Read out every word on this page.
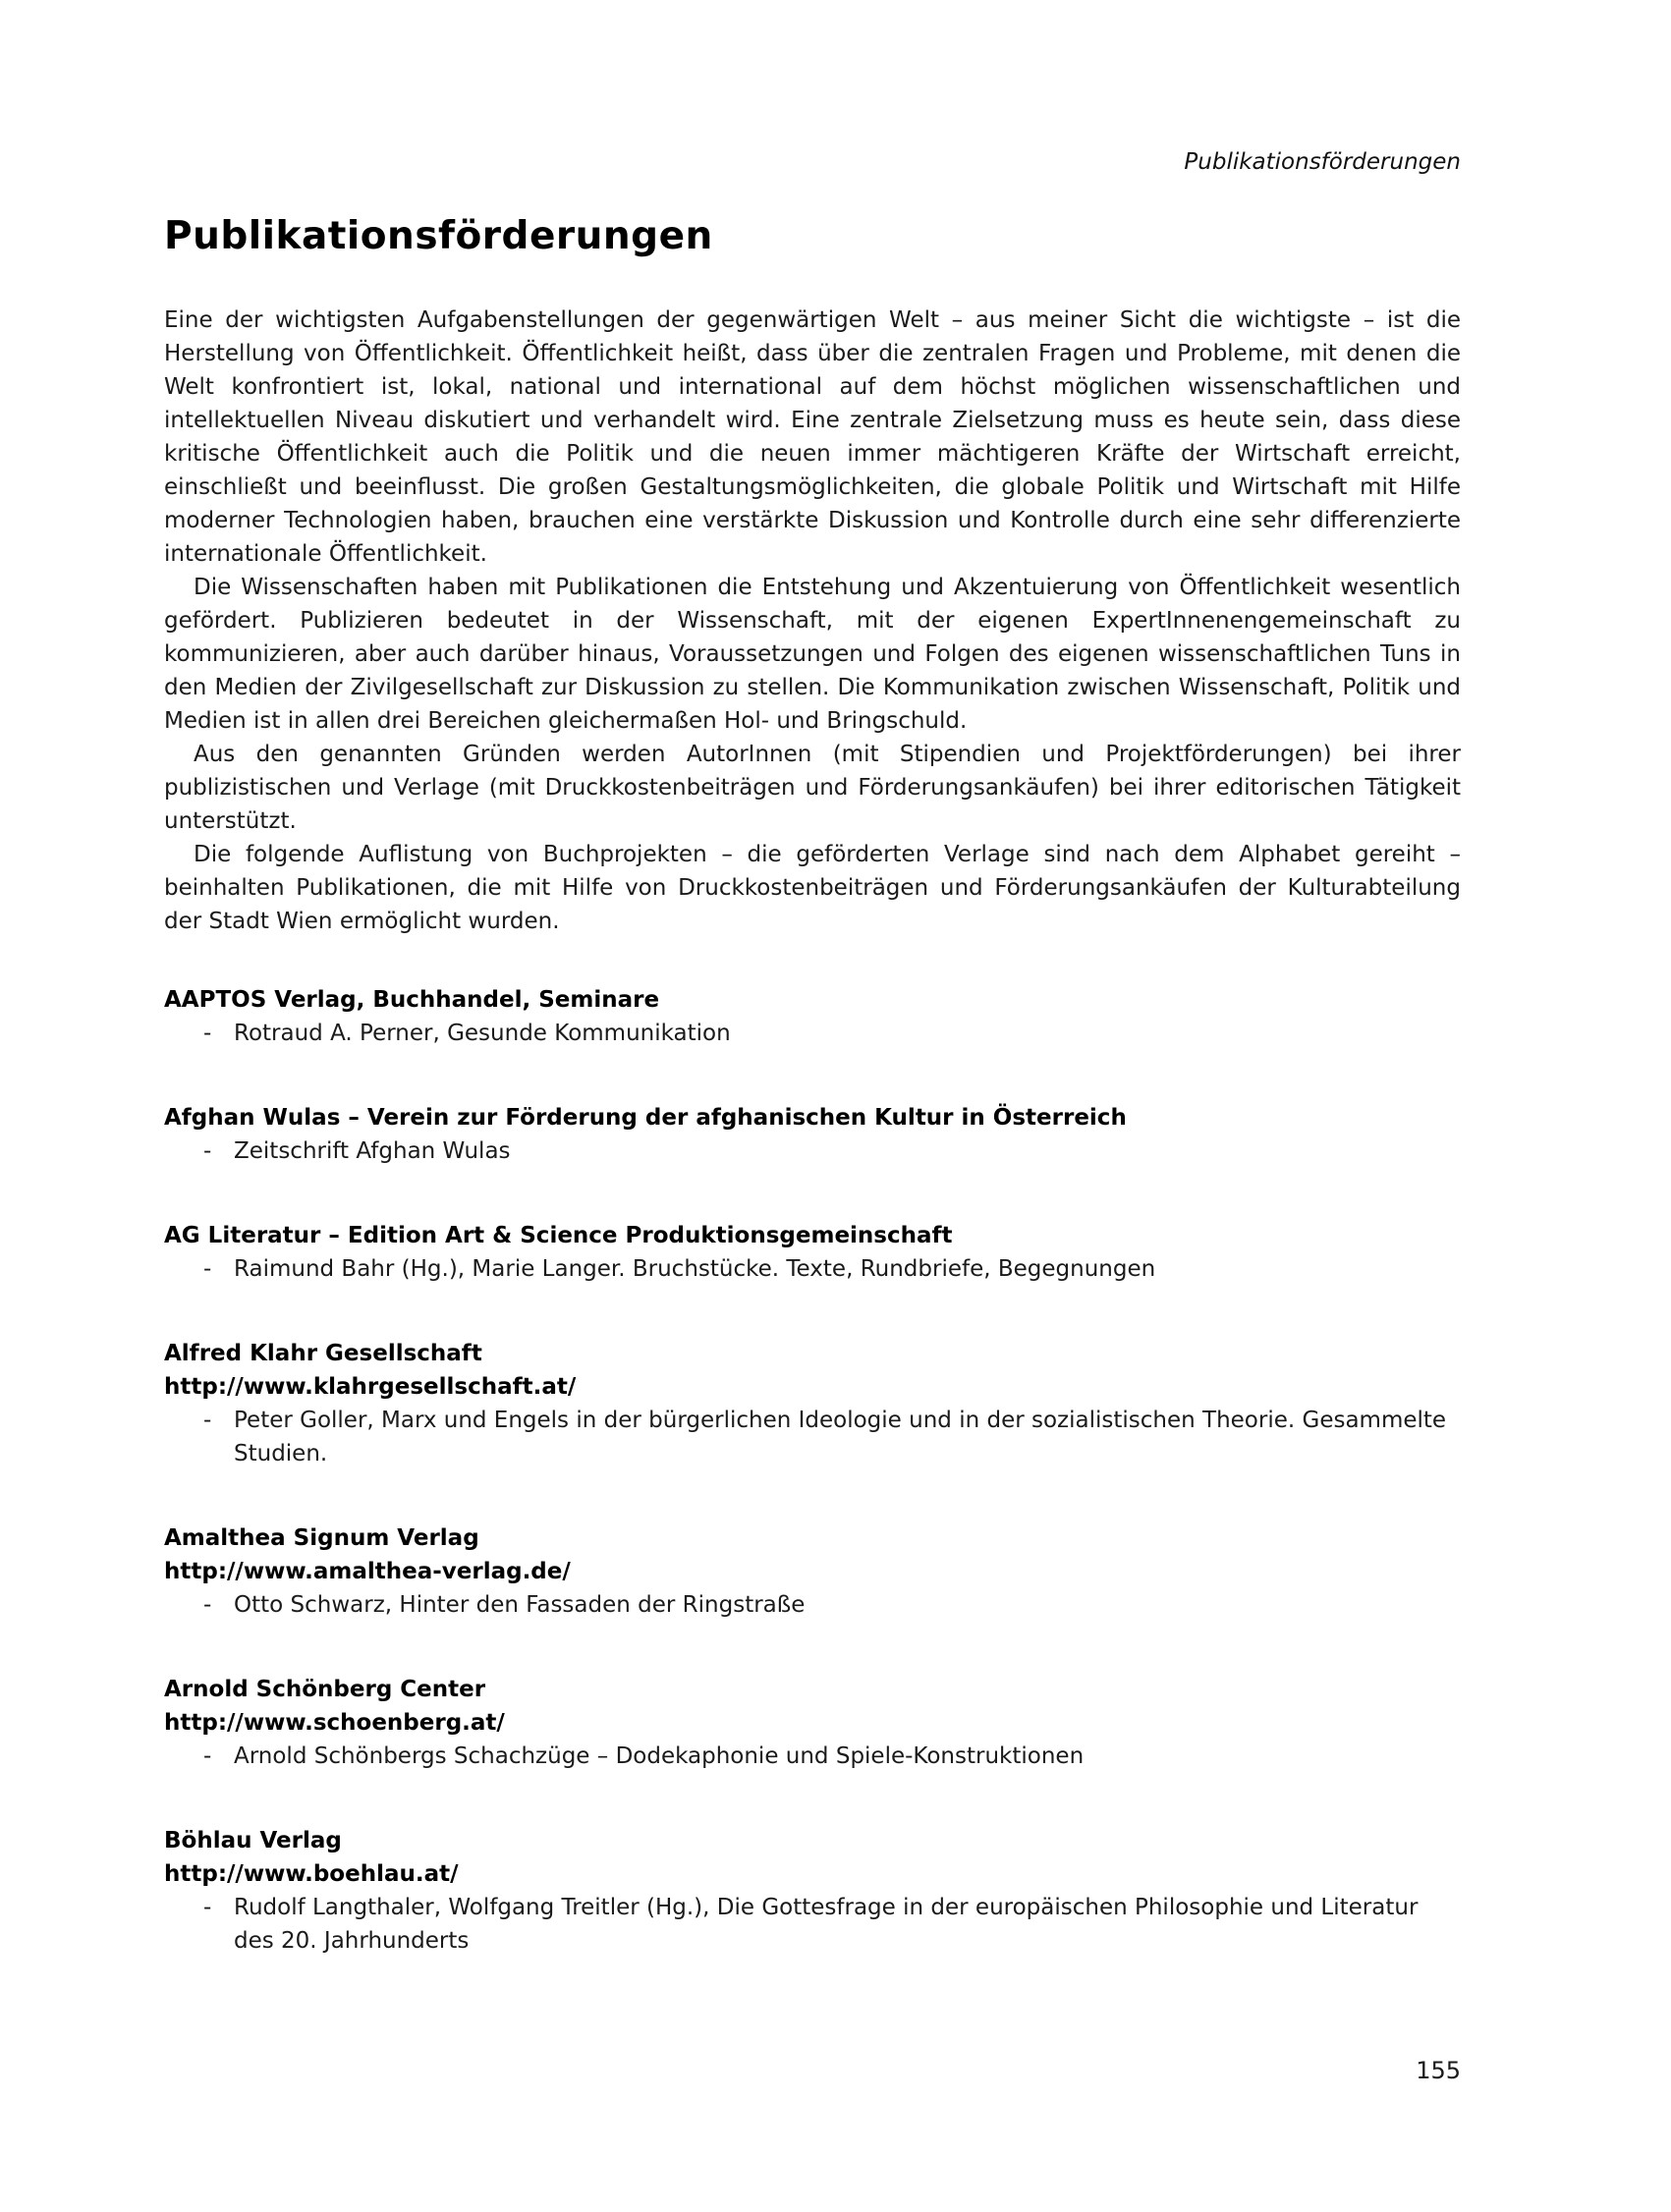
Publikationsförderungen
Publikationsförderungen

Eine der wichtigsten Aufgabenstellungen der gegenwärtigen Welt – aus meiner Sicht die wichtigste – ist die Herstellung von Öffentlichkeit. Öffentlichkeit heißt, dass über die zentralen Fragen und Probleme, mit denen die Welt konfrontiert ist, lokal, national und international auf dem höchst möglichen wissenschaftlichen und intellektuellen Niveau diskutiert und verhandelt wird. Eine zentrale Zielsetzung muss es heute sein, dass diese kritische Öffentlichkeit auch die Politik und die neuen immer mächtigeren Kräfte der Wirtschaft erreicht, einschließt und beeinflusst. Die großen Gestaltungsmöglichkeiten, die globale Politik und Wirtschaft mit Hilfe moderner Technologien haben, brauchen eine verstärkte Diskussion und Kontrolle durch eine sehr differenzierte internationale Öffentlichkeit.

Die Wissenschaften haben mit Publikationen die Entstehung und Akzentuierung von Öffentlichkeit wesentlich gefördert. Publizieren bedeutet in der Wissenschaft, mit der eigenen ExpertInnenengemeinschaft zu kommunizieren, aber auch darüber hinaus, Voraussetzungen und Folgen des eigenen wissenschaftlichen Tuns in den Medien der Zivilgesellschaft zur Diskussion zu stellen. Die Kommunikation zwischen Wissenschaft, Politik und Medien ist in allen drei Bereichen gleichermaßen Hol- und Bringschuld.

Aus den genannten Gründen werden AutorInnen (mit Stipendien und Projektförderungen) bei ihrer publizistischen und Verlage (mit Druckkostenbeiträgen und Förderungsankäufen) bei ihrer editorischen Tätigkeit unterstützt.

Die folgende Auflistung von Buchprojekten – die geförderten Verlage sind nach dem Alphabet gereiht – beinhalten Publikationen, die mit Hilfe von Druckkostenbeiträgen und Förderungsankäufen der Kulturabteilung der Stadt Wien ermöglicht wurden.

AAPTOS Verlag, Buchhandel, Seminare
- Rotraud A. Perner, Gesunde Kommunikation
Afghan Wulas – Verein zur Förderung der afghanischen Kultur in Österreich
- Zeitschrift Afghan Wulas
AG Literatur – Edition Art & Science Produktionsgemeinschaft
- Raimund Bahr (Hg.), Marie Langer. Bruchstücke. Texte, Rundbriefe, Begegnungen
Alfred Klahr Gesellschaft
http://www.klahrgesellschaft.at/
- Peter Goller, Marx und Engels in der bürgerlichen Ideologie und in der sozialistischen Theorie. Gesammelte Studien.
Amalthea Signum Verlag
http://www.amalthea-verlag.de/
- Otto Schwarz, Hinter den Fassaden der Ringstraße
Arnold Schönberg Center
http://www.schoenberg.at/
- Arnold Schönbergs Schachzüge – Dodekaphonie und Spiele-Konstruktionen
Böhlau Verlag
http://www.boehlau.at/
- Rudolf Langthaler, Wolfgang Treitler (Hg.), Die Gottesfrage in der europäischen Philosophie und Literatur des 20. Jahrhunderts
155
